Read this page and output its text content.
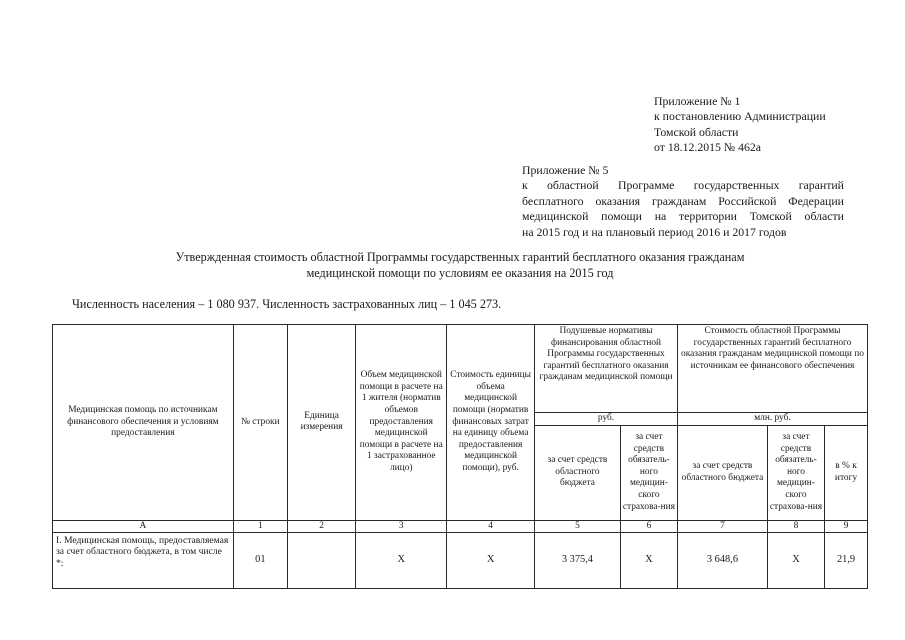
Приложение № 1
к постановлению Администрации
Томской области
от 18.12.2015 № 462а
Приложение № 5
к областной Программе государственных гарантий
бесплатного оказания гражданам Российской Федерации
медицинской помощи на территории Томской области
на 2015 год и на плановый период 2016 и 2017 годов
Утвержденная стоимость областной Программы государственных гарантий бесплатного оказания гражданам
медицинской помощи по условиям ее оказания на 2015 год
Численность населения – 1 080 937. Численность застрахованных лиц – 1 045 273.
Медицинская помощь по источникам финансового обеспечения и условиям предоставления	№ строки	Единица измерения	Объем медицинской помощи в расчете на 1 жителя (норматив объемов предоставления медицинской помощи в расчете на 1 застрахованное лицо)	Стоимость единицы объема медицинской помощи (норматив финансовых затрат на единицу объема предоставления медицинской помощи), руб.	Подушевые нормативы финансирования областной Программы государственных гарантий бесплатного оказания гражданам медицинской помощи		Стоимость областной Программы государственных гарантий бесплатного оказания гражданам медицинской помощи по источникам ее финансового обеспечения		
					руб.		млн. руб.		
					за счет средств областного бюджета	за счет средств обязатель-ного медицин-ского страхова-ния	за счет средств областного бюджета	за счет средств обязатель-ного медицин-ского страхова-ния	в % к итогу
А	1	2	3	4	5	6	7	8	9
I. Медицинская помощь, предоставляемая за счет областного бюджета, в том числе *:	01		Х	Х	3 375,4	Х	3 648,6	Х	21,9
